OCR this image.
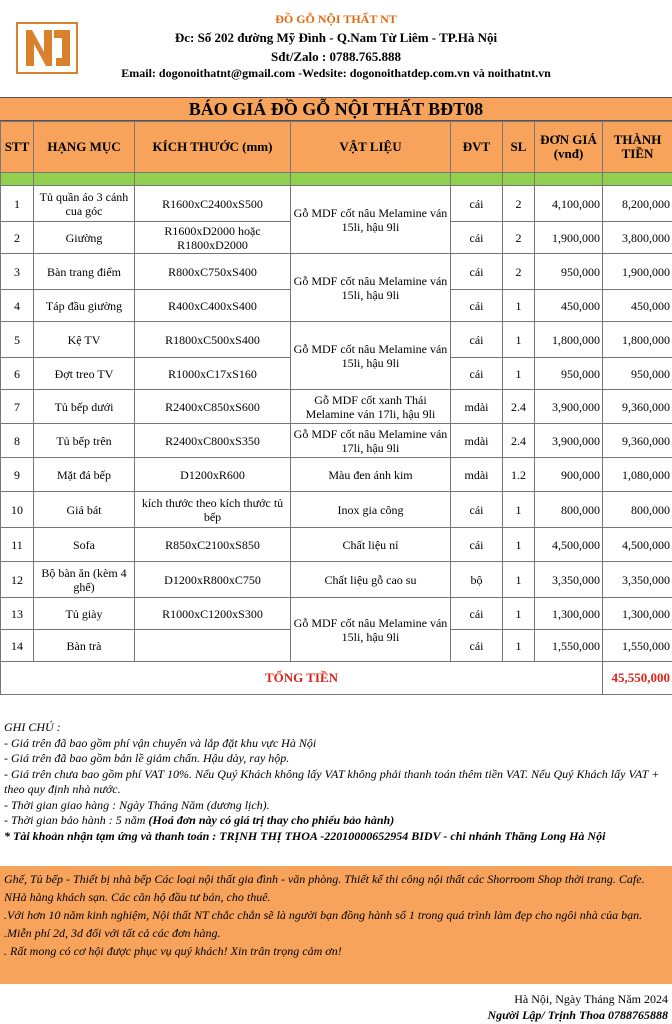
ĐỒ GỖ NỘI THẤT NT
Đc: Số 202 đường Mỹ Đình - Q.Nam Từ Liêm - TP.Hà Nội
Sđt/Zalo : 0788.765.888
Email: dogonoithatnt@gmail.com -Wedsite: dogonoithatdep.com.vn và noithatnt.vn
BÁO GIÁ ĐỒ GỖ NỘI THẤT BĐT08
STT	HẠNG MỤC	KÍCH THƯỚC (mm)	VẬT LIỆU	ĐVT	SL	ĐƠN GIÁ (vnđ)	THÀNH TIỀN

1	Tủ quần áo 3 cánh cua góc	R1600xC2400xS500	Gỗ MDF cốt nâu Melamine ván 15li, hậu 9li	cái	2	4,100,000	8,200,000
2	Giường	R1600xD2000 hoặc R1800xD2000		cái	2	1,900,000	3,800,000
3	Bàn trang điểm	R800xC750xS400	Gỗ MDF cốt nâu Melamine ván 15li, hậu 9li	cái	2	950,000	1,900,000
4	Táp đầu giường	R400xC400xS400		cái	1	450,000	450,000
5	Kệ TV	R1800xC500xS400	Gỗ MDF cốt nâu Melamine ván 15li, hậu 9li	cái	1	1,800,000	1,800,000
6	Đợt treo TV	R1000xC17xS160		cái	1	950,000	950,000
7	Tủ bếp dưới	R2400xC850xS600	Gỗ MDF cốt xanh Thái Melamine ván 17li, hậu 9li	mdài	2.4	3,900,000	9,360,000
8	Tủ bếp trên	R2400xC800xS350	Gỗ MDF cốt nâu Melamine ván 17li, hậu 9li	mdài	2.4	3,900,000	9,360,000
9	Mặt đá bếp	D1200xR600	Màu đen ánh kim	mdài	1.2	900,000	1,080,000
10	Giá bát	kích thước theo kích thước tủ bếp	Inox gia công	cái	1	800,000	800,000
11	Sofa	R850xC2100xS850	Chất liệu nỉ	cái	1	4,500,000	4,500,000
12	Bộ bàn ăn (kèm 4 ghế)	D1200xR800xC750	Chất liệu gỗ cao su	bộ	1	3,350,000	3,350,000
13	Tủ giày	R1000xC1200xS300	Gỗ MDF cốt nâu Melamine ván 15li, hậu 9li	cái	1	1,300,000	1,300,000
14	Bàn trà			cái	1	1,550,000	1,550,000
TỔNG TIỀN							45,550,000
GHI CHÚ :
- Giá trên đã bao gồm phí vận chuyển và lắp đặt khu vực Hà Nội
- Giá trên đã bao gồm bản lề giảm chấn. Hậu dày, ray hộp.
- Giá trên chưa bao gồm phí VAT 10%. Nếu Quý Khách không lấy VAT không phải thanh toán thêm tiền VAT. Nếu Quý Khách lấy VAT + theo quy định nhà nước.
- Thời gian giao hàng : Ngày Tháng Năm (dương lịch).
- Thời gian bảo hành : 5 năm (Hoá đơn này có giá trị thay cho phiếu bảo hành)
* Tài khoản nhận tạm ứng và thanh toán : TRỊNH THỊ THOA -22010000652954 BIDV - chi nhánh Thăng Long Hà Nội
Ghế, Tủ bếp - Thiết bị nhà bếp Các loại nội thất gia đình - văn phòng. Thiết kế thi công nội thất các Shorroom Shop thời trang. Cafe. NHà hàng khách sạn. Các căn hộ đầu tư bán, cho thuê.
.Với hơn 10 năm kinh nghiệm, Nội thất NT chắc chắn sẽ là người bạn đồng hành số 1 trong quá trình làm đẹp cho ngôi nhà của bạn.
.Miễn phí 2d, 3d đối với tất cả các đơn hàng.
. Rất mong có cơ hội được phục vụ quý khách! Xin trân trọng cảm ơn!
Hà Nội, Ngày Tháng Năm 2024
Người Lập/ Trịnh Thoa 0788765888
